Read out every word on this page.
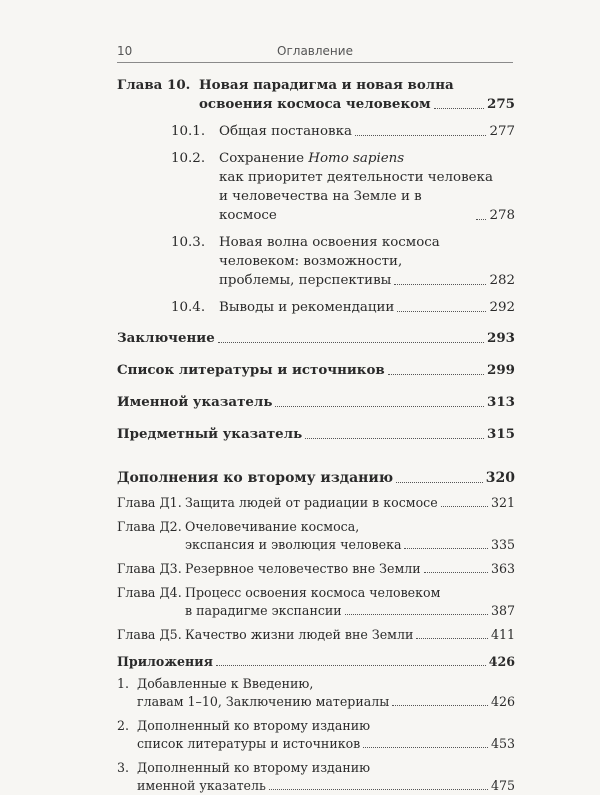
10	Оглавление
Глава 10. Новая парадигма и новая волна
освоения космоса человеком	275
10.1. Общая постановка	277
10.2. Сохранение Homo sapiens
как приоритет деятельности человека
и человечества на Земле и в космосе	278
10.3. Новая волна освоения космоса
человеком: возможности,
проблемы, перспективы	282
10.4. Выводы и рекомендации	292
Заключение	293
Список литературы и источников	299
Именной указатель	313
Предметный указатель	315
Дополнения ко второму изданию	320
Глава Д1. Защита людей от радиации в космосе	321
Глава Д2. Очеловечивание космоса,
экспансия и эволюция человека	335
Глава Д3. Резервное человечество вне Земли	363
Глава Д4. Процесс освоения космоса человеком
в парадигме экспансии	387
Глава Д5. Качество жизни людей вне Земли	411
Приложения	426
1. Добавленные к Введению,
главам 1–10, Заключению материалы	426
2. Дополненный ко второму изданию
список литературы и источников	453
3. Дополненный ко второму изданию
именной указатель	475
